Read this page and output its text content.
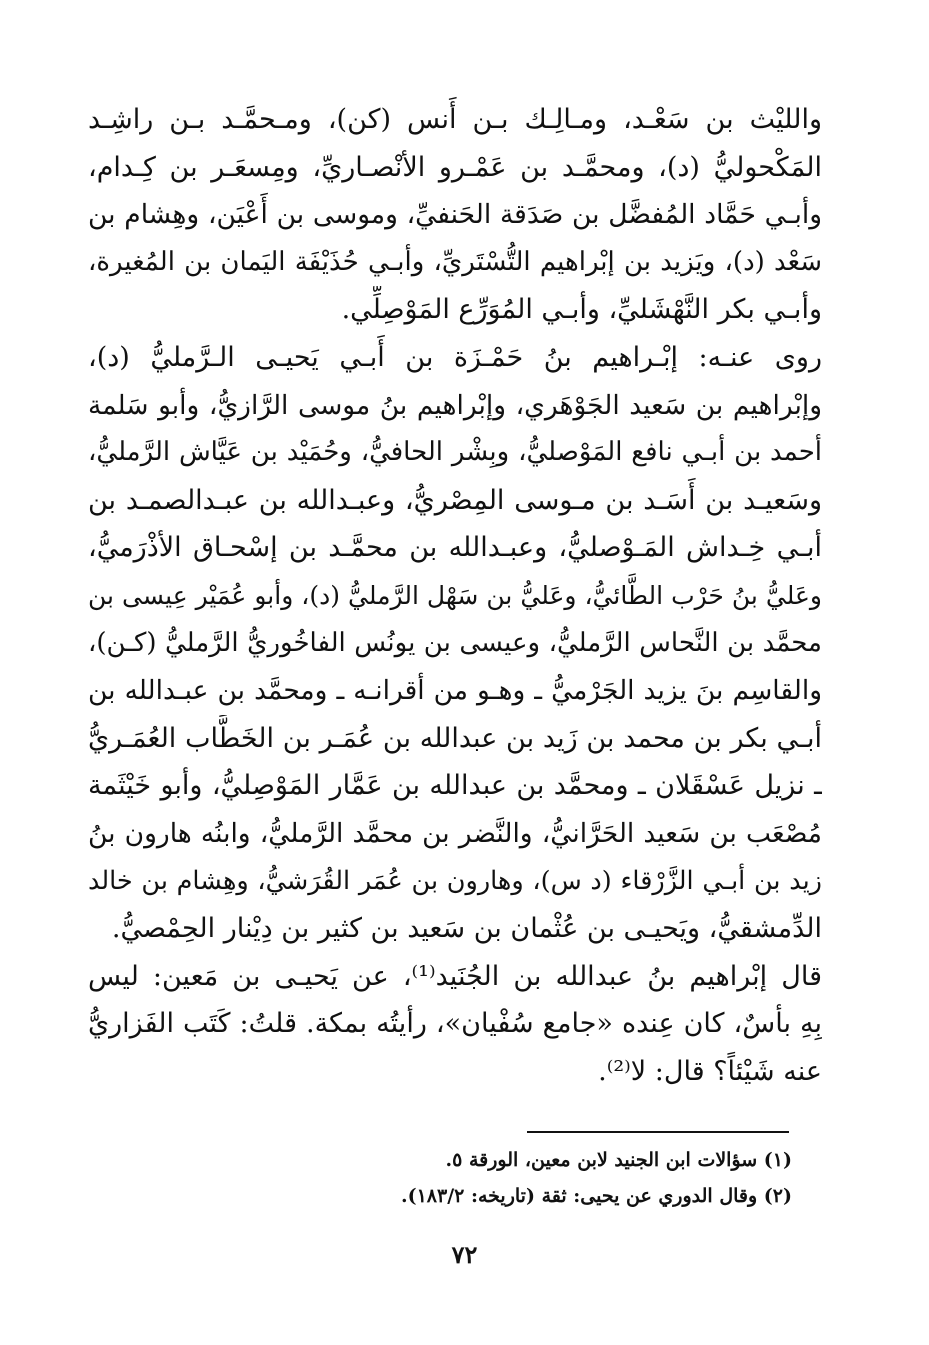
والليْث بن سَعْـد، ومـالِـك بـن أَنس (كن)، ومـحمَّـد بـن راشِـد
المَكْحوليُّ (د)، ومحمَّـد بن عَمْـرو الأنْصـاريِّ، ومِسعَـر بن كِـدام،
وأبـي حَمَّاد المُفضَّل بن صَدَقة الحَنفيِّ، وموسى بن أَعْيَن، وهِشام بن
سَعْد (د)، ويَزيد بن إبْراهيم التُّسْتَريِّ، وأبـي حُذَيْفَة اليَمان بن المُغيرة،
وأبـي بكر النَّهْشَليِّ، وأبـي المُوَرِّع المَوْصِلِّي.
روى عنـه: إبْـراهيم بنُ حَمْـزَة بن أَبـي يَحيـى الـرَّمليُّ (د)،
وإبْراهيم بن سَعيد الجَوْهَري، وإبْراهيم بنُ موسى الرَّازيُّ، وأبو سَلمة
أحمد بن أبـي نافع المَوْصليُّ، وبِشْر الحافيُّ، وحُمَيْد بن عَيَّاش الرَّمليُّ،
وسَعيـد بن أَسَـد بن مـوسى المِصْريُّ، وعبـدالله بن عبـدالصمـد بن
أبـي خِـداش المَـوْصليُّ، وعبـدالله بن محمَّـد بن إسْحـاق الأذْرَميُّ،
وعَليُّ بنُ حَرْب الطَّائيُّ، وعَليُّ بن سَهْل الرَّمليُّ (د)، وأبو عُمَيْر عِيسى بن
محمَّد بن النَّحاس الرَّمليُّ، وعيسى بن يونُس الفاخُوريُّ الرَّمليُّ (كـن)،
والقاسِم بنَ يزيد الجَرْميُّ ـ وهـو من أقرانـه ـ ومحمَّد بن عبـدالله بن
أبـي بكر بن محمد بن زَيد بن عبدالله بن عُمَـر بن الخَطَّاب العُمَـريُّ
ـ نزيل عَسْقَلان ـ ومحمَّد بن عبدالله بن عَمَّار المَوْصِليُّ، وأبو خَيْثَمة
مُصْعَب بن سَعيد الحَرَّانيُّ، والنَّضر بن محمَّد الرَّمليُّ، وابنُه هارون بنُ
زيد بن أبـي الزَّرْقاء (د س)، وهارون بن عُمَر القُرَشيُّ، وهِشام بن خالد
الدِّمشقيُّ، ويَحيـى بن عُثْمان بن سَعيد بن كثير بن دِيْنار الحِمْصيُّ.
قال إبْراهيم بنُ عبدالله بن الجُنَيد⁽¹⁾، عن يَحيـى بن مَعين: ليس
بِهِ بأسٌ، كان عِنده «جامع سُفْيان»، رأيتُه بمكة. قلتُ: كَتَب الفَزاريُّ
عنه شَيْئاً؟ قال: لا⁽²⁾.
(١) سؤالات ابن الجنيد لابن معين، الورقة ٥.
(٢) وقال الدوري عن يحيى: ثقة (تاريخه: ١٨٣/٢).
٧٢
